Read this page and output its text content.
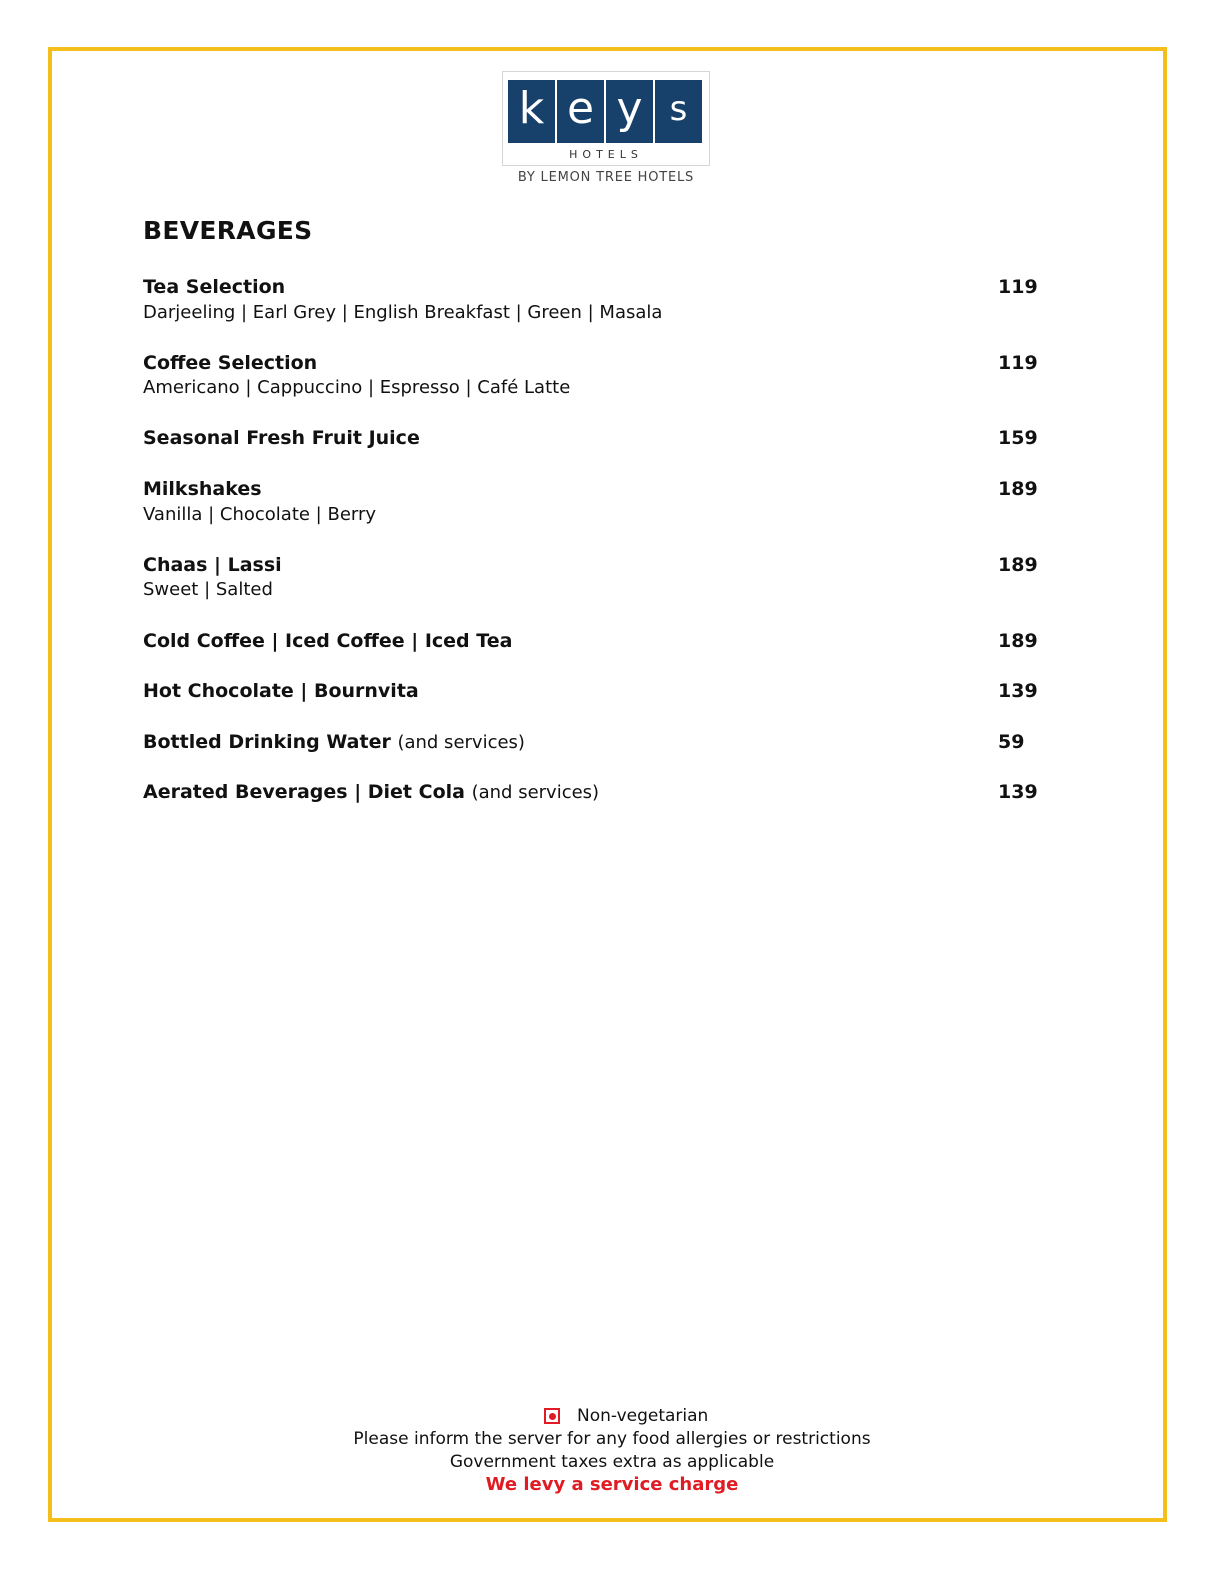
k e y s
HOTELS
BY LEMON TREE HOTELS
BEVERAGES
Tea Selection	119
Darjeeling | Earl Grey | English Breakfast | Green | Masala
Coffee Selection	119
Americano | Cappuccino | Espresso | Café Latte
Seasonal Fresh Fruit Juice	159
Milkshakes	189
Vanilla | Chocolate | Berry
Chaas | Lassi	189
Sweet | Salted
Cold Coffee | Iced Coffee | Iced Tea	189
Hot Chocolate | Bournvita	139
Bottled Drinking Water (and services)	59
Aerated Beverages | Diet Cola (and services)	139
Non-vegetarian
Please inform the server for any food allergies or restrictions
Government taxes extra as applicable
We levy a service charge
